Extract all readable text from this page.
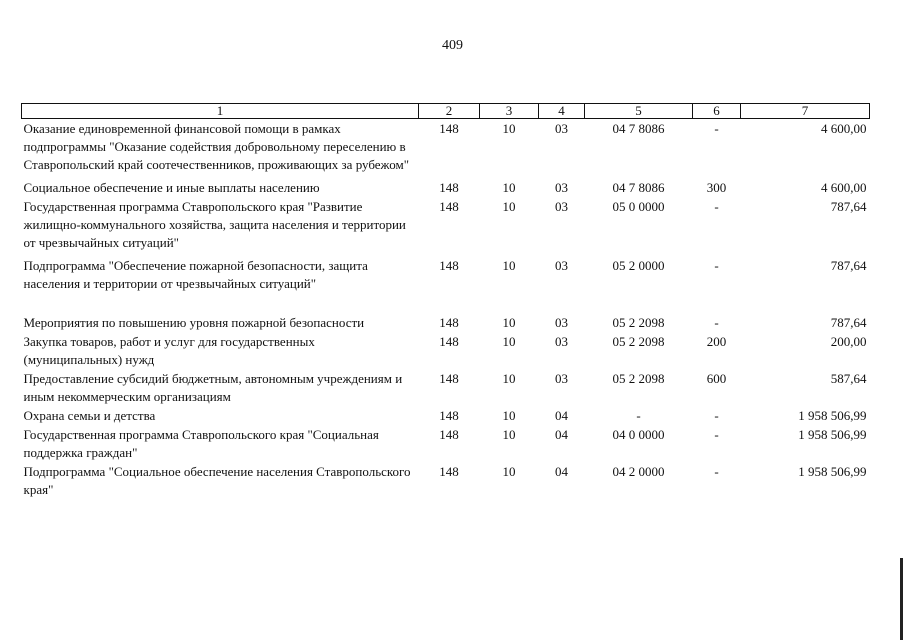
409
1	2	3	4	5	6	7
Оказание единовременной финансовой помощи в рамках подпрограммы "Оказание содействия добровольному переселению в Ставропольский край соотечественников, проживающих за рубежом"	148	10	03	04 7 8086	-	4 600,00
Социальное обеспечение и иные выплаты населению	148	10	03	04 7 8086	300	4 600,00
Государственная программа Ставропольского края "Развитие жилищно-коммунального хозяйства, защита населения и территории от чрезвычайных ситуаций"	148	10	03	05 0 0000	-	787,64
Подпрограмма "Обеспечение пожарной безопасности, защита населения и территории от чрезвычайных ситуаций"	148	10	03	05 2 0000	-	787,64
Мероприятия по повышению уровня пожарной безопасности	148	10	03	05 2 2098	-	787,64
Закупка товаров, работ и услуг для государственных (муниципальных) нужд	148	10	03	05 2 2098	200	200,00
Предоставление субсидий бюджетным, автономным учреждениям и иным некоммерческим организациям	148	10	03	05 2 2098	600	587,64
Охрана семьи и детства	148	10	04	-	-	1 958 506,99
Государственная программа Ставропольского края "Социальная поддержка граждан"	148	10	04	04 0 0000	-	1 958 506,99
Подпрограмма "Социальное обеспечение населения Ставропольского края"	148	10	04	04 2 0000	-	1 958 506,99
